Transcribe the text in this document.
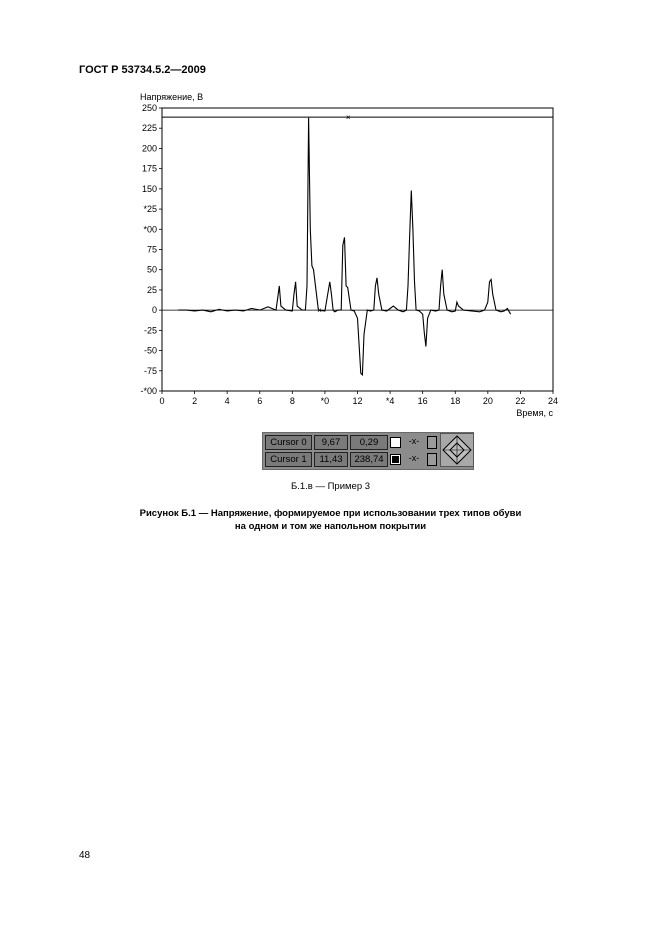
ГОСТ Р 53734.5.2—2009
250
225
200
175
150
*25
*00
75
50
25
0
-25
-50
-75
-*00
0	2	4	6	8	*0	12	*4	16	18	20	22	24
Напряжение, В
Время, с
×
×
Cursor 0	9,67	0,29	-x-
Cursor 1	11,43	238,74	-x-
Б.1.в — Пример 3
Рисунок Б.1 — Напряжение, формируемое при использовании трех типов обуви
на одном и том же напольном покрытии
48
